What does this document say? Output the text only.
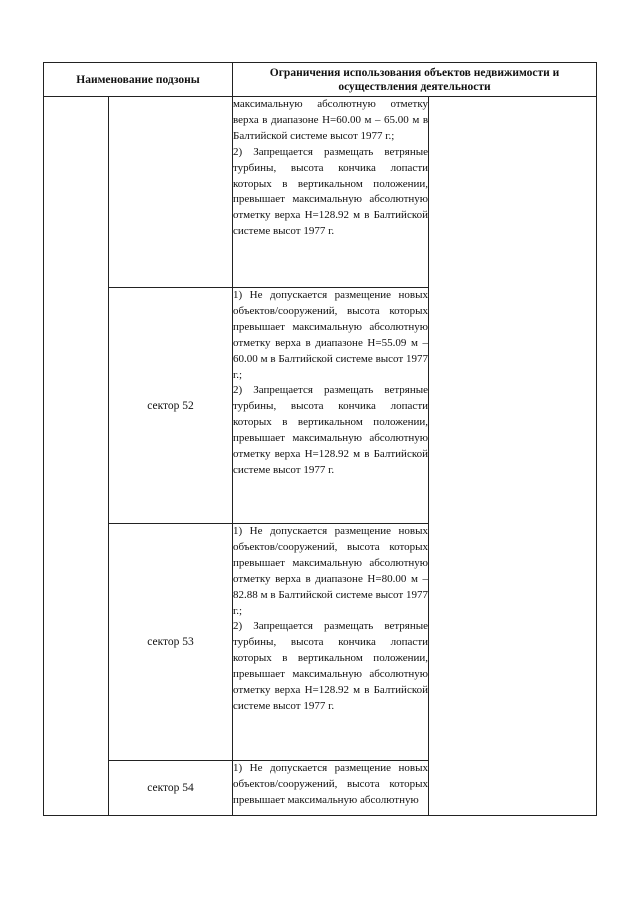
Наименование подзоны		Ограничения использования объектов недвижимости и осуществления деятельности	
		максимальную абсолютную отметку верха в диапазоне Н=60.00 м – 65.00 м в Балтийской системе высот 1977 г.;
2) Запрещается размещать ветряные турбины, высота кончика лопасти которых в вертикальном положении, превышает максимальную абсолютную отметку верха Н=128.92 м в Балтийской системе высот 1977 г.	
	сектор 52	1) Не допускается размещение новых объектов/сооружений, высота которых превышает максимальную абсолютную отметку верха в диапазоне Н=55.09 м – 60.00 м в Балтийской системе высот 1977 г.;
2) Запрещается размещать ветряные турбины, высота кончика лопасти которых в вертикальном положении, превышает максимальную абсолютную отметку верха Н=128.92 м в Балтийской системе высот 1977 г.	
	сектор 53	1) Не допускается размещение новых объектов/сооружений, высота которых превышает максимальную абсолютную отметку верха в диапазоне Н=80.00 м – 82.88 м в Балтийской системе высот 1977 г.;
2) Запрещается размещать ветряные турбины, высота кончика лопасти которых в вертикальном положении, превышает максимальную абсолютную отметку верха Н=128.92 м в Балтийской системе высот 1977 г.	
	сектор 54	1) Не допускается размещение новых объектов/сооружений, высота которых превышает максимальную абсолютную	
